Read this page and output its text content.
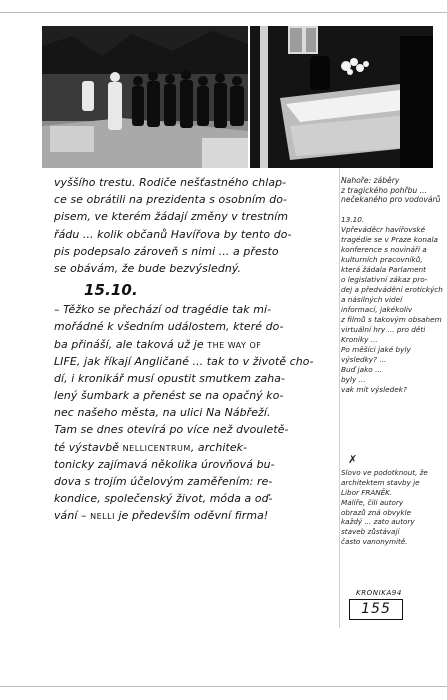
vyššího trestu. Rodiče nešťastného chlap-
ce se obrátili na prezidenta s osobním do-
pisem, ve kterém žádají změny v trestním
řádu ... kolik občanů Havířova by tento do-
pis podepsalo zároveň s nimi ... a přesto
se obávám, že bude bezvýsledný.
15.10.
– Těžko se přechází od tragédie tak mi-
mořádné k všedním událostem, které do-
ba přináší, ale taková už je THE WAY OF
LIFE, jak říkají Angličané ... tak to v životě cho-
dí, i kronikář musí opustit smutkem zaha-
lený šumbark a přenést se na opačný ko-
nec našeho města, na ulici Na Nábřeží.
Tam se dnes otevírá po více než dvouletě-
té výstavbě NELLICENTRUM, architek-
tonicky zajímavá několika úrovňová bu-
dova s trojím účelovým zaměřením: re-
kondice, společenský život, móda a oď-
vání – NELLI je především oděvní firma!
Nahoře: záběry
z tragického pohřbu ...
nečekaného pro vodovárů
13.10.
Vpřeváděcr havířovské
tragédie se v Praze konala
konference s novináři a
kulturních pracovníků,
která žádala Parlament
o legislativní zákaz pro-
dej a předvádění erotických
a násilných videí
informací, jakékoliv
z filmů s takovým obsahem
virtuální hry ... pro děti
Kroniky ...
Po měšíci jaké byly
výsledky? ...
Buď jako ...
byly ...
vak mít výsledek?
✗
Slovo ve podotknout, že
architektem stavby je
Libor FRANĚK.
Malíře, čili autory
obrazů zná obvykle
každý ... zato autory
staveb zůstávají
často vanonymitě.
KRONIKA94
155
